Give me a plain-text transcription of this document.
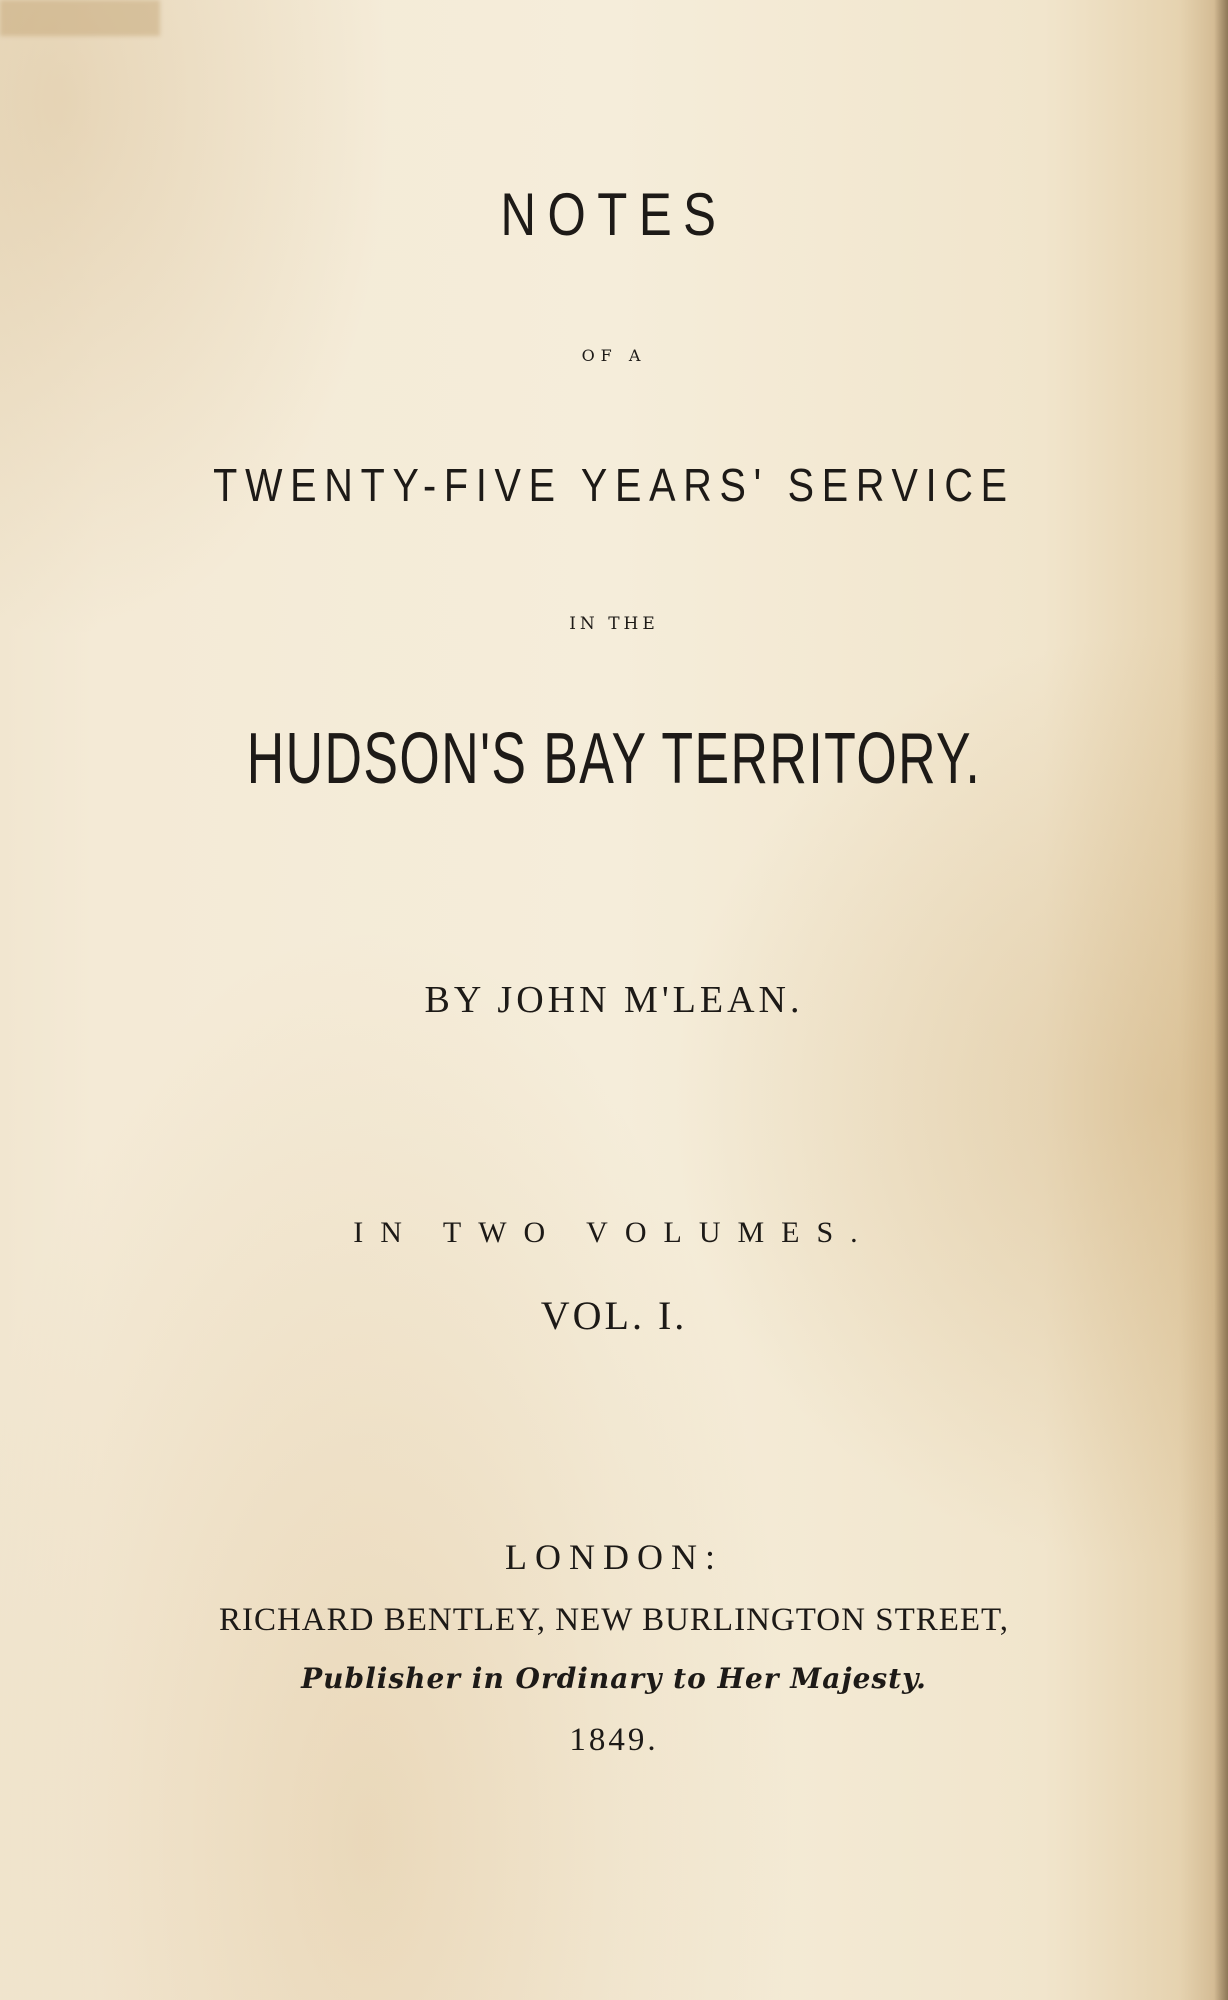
NOTES
OF A
TWENTY-FIVE YEARS' SERVICE
IN THE
HUDSON'S BAY TERRITORY.
BY JOHN M'LEAN.
IN TWO VOLUMES.
VOL. I.
LONDON:
RICHARD BENTLEY, NEW BURLINGTON STREET,
Publisher in Ordinary to Her Majesty.
1849.
